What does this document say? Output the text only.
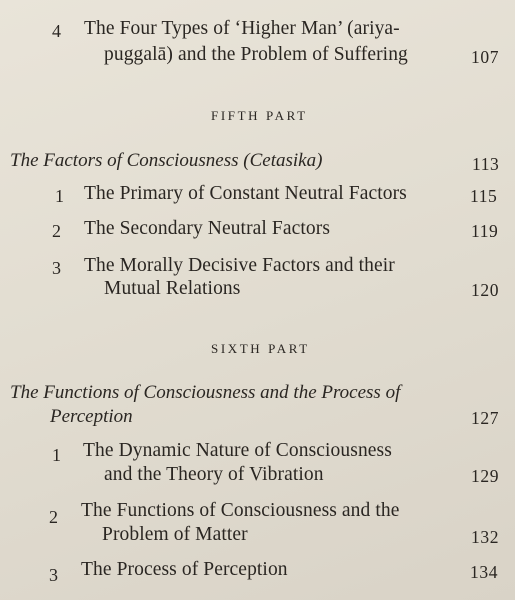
4 The Four Types of ‘Higher Man’ (ariya-
puggalā) and the Problem of Suffering	107
FIFTH PART
The Factors of Consciousness (Cetasika)	113
1 The Primary of Constant Neutral Factors	115
2 The Secondary Neutral Factors	119
3 The Morally Decisive Factors and their
Mutual Relations	120
SIXTH PART
The Functions of Consciousness and the Process of
Perception	127
1 The Dynamic Nature of Consciousness
and the Theory of Vibration	129
2 The Functions of Consciousness and the
Problem of Matter	132
3 The Process of Perception	134
